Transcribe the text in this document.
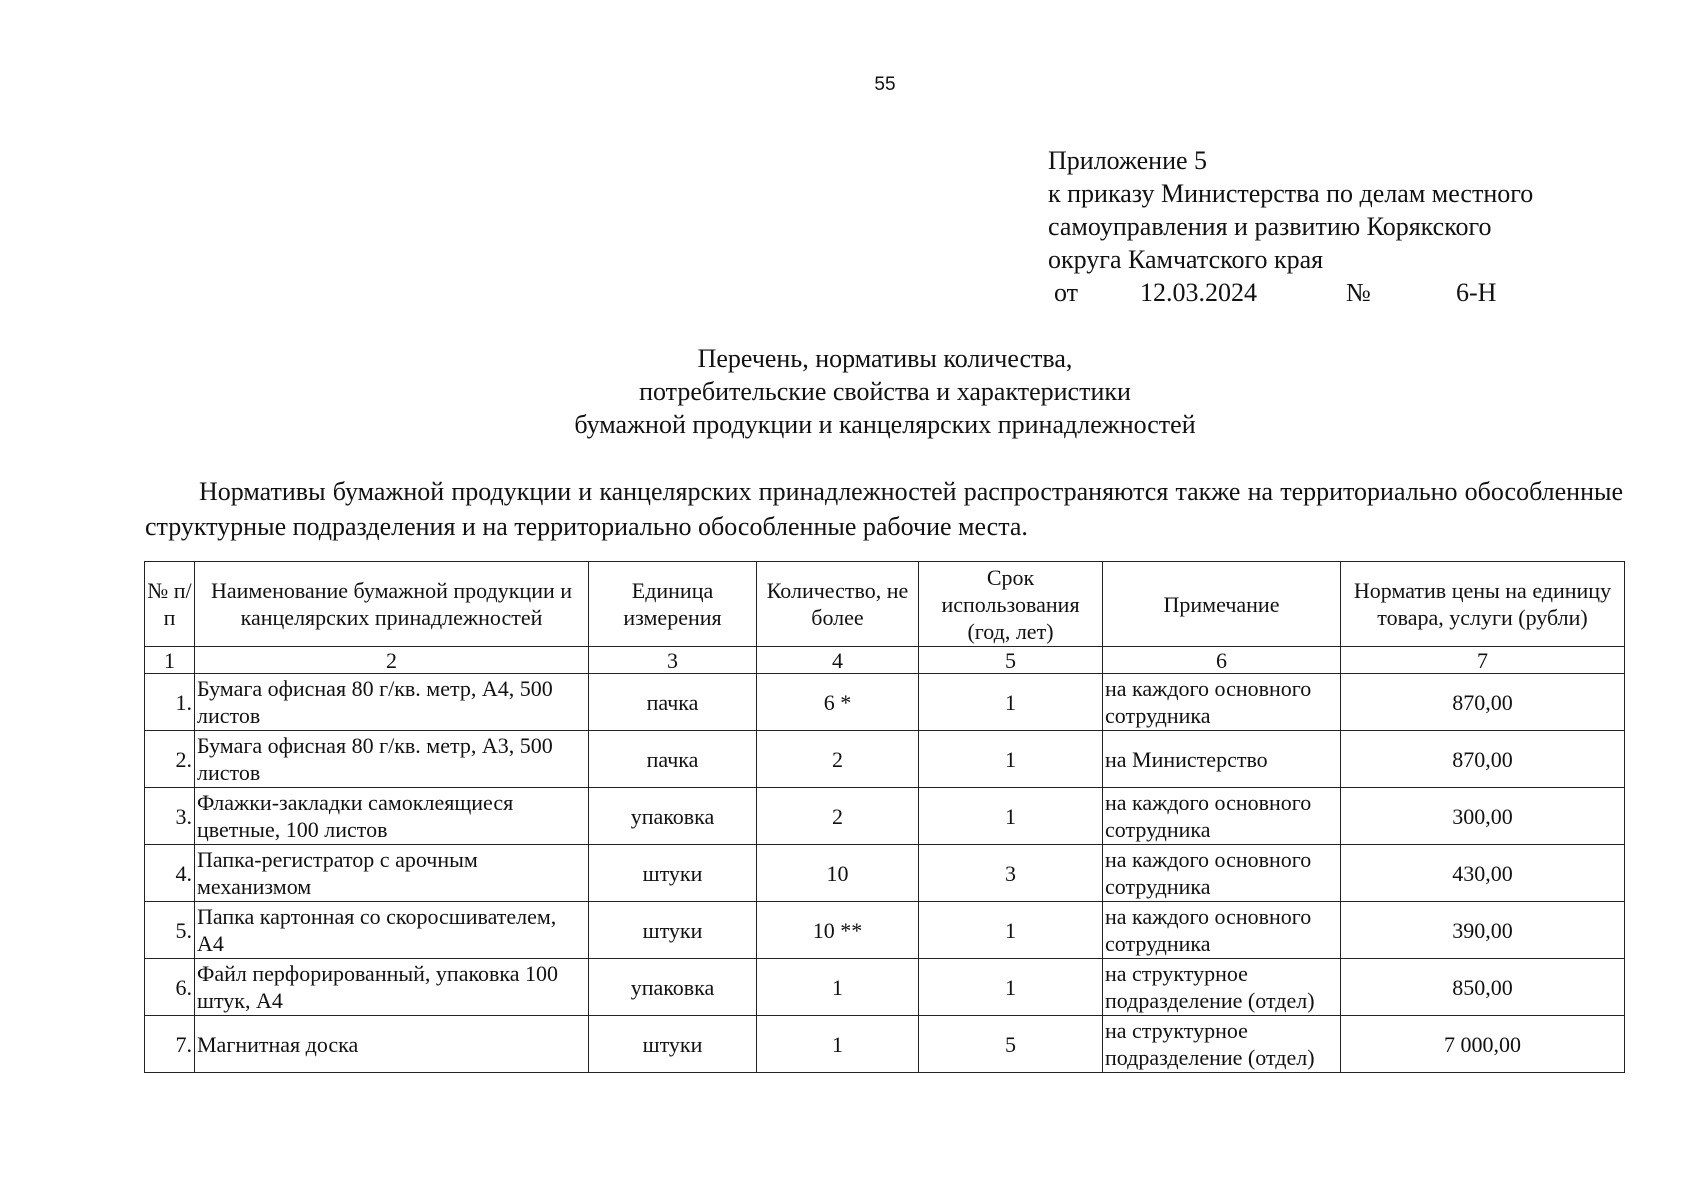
55
Приложение 5
к приказу Министерства по делам местного
самоуправления и развитию Корякского
округа Камчатского края
от 12.03.2024	№	6-Н
Перечень, нормативы количества,
потребительские свойства и характеристики
бумажной продукции и канцелярских принадлежностей

Нормативы бумажной продукции и канцелярских принадлежностей распространяются также на территориально обособленные структурные подразделения и на территориально обособленные рабочие места.

№ п/п	Наименование бумажной продукции и канцелярских принадлежностей	Единица измерения	Количество, не более	Срок использования (год, лет)	Примечание	Норматив цены на единицу товара, услуги (рубли)
1	2	3	4	5	6	7
1.	Бумага офисная 80 г/кв. метр, А4, 500 листов	пачка	6 *	1	на каждого основного сотрудника	870,00
2.	Бумага офисная 80 г/кв. метр, А3, 500 листов	пачка	2	1	на Министерство	870,00
3.	Флажки-закладки самоклеящиеся цветные, 100 листов	упаковка	2	1	на каждого основного сотрудника	300,00
4.	Папка-регистратор с арочным механизмом	штуки	10	3	на каждого основного сотрудника	430,00
5.	Папка картонная со скоросшивателем, А4	штуки	10 **	1	на каждого основного сотрудника	390,00
6.	Файл перфорированный, упаковка 100 штук, А4	упаковка	1	1	на структурное подразделение (отдел)	850,00
7.	Магнитная доска	штуки	1	5	на структурное подразделение (отдел)	7 000,00
